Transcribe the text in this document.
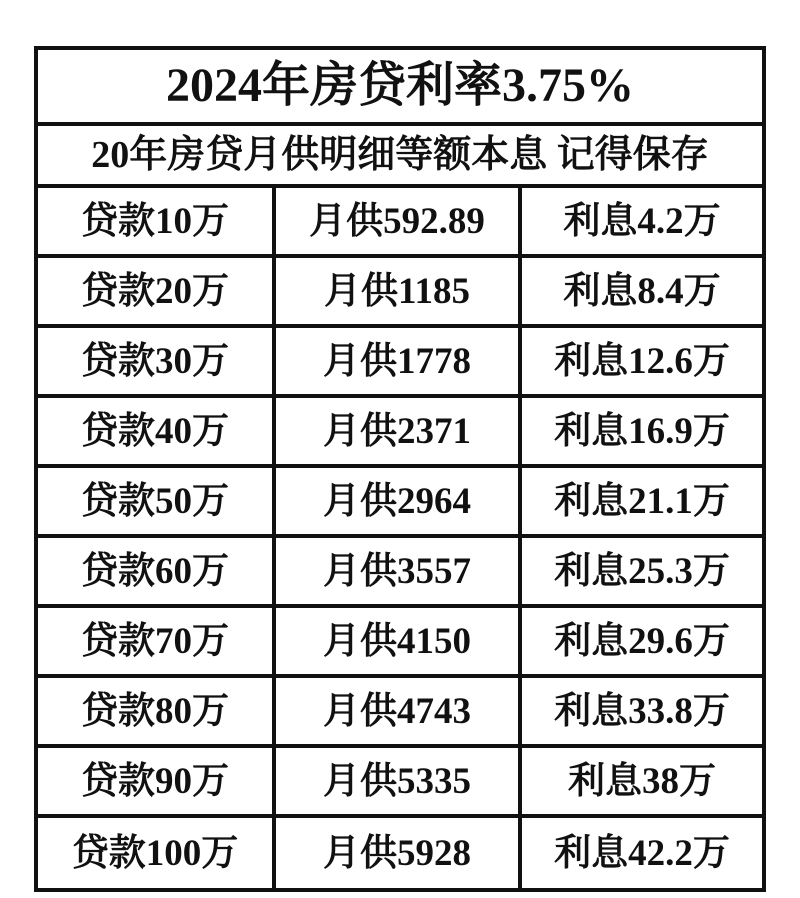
2024年房贷利率3.75%
20年房贷月供明细等额本息 记得保存
贷款10万	月供592.89	利息4.2万
贷款20万	月供1185	利息8.4万
贷款30万	月供1778	利息12.6万
贷款40万	月供2371	利息16.9万
贷款50万	月供2964	利息21.1万
贷款60万	月供3557	利息25.3万
贷款70万	月供4150	利息29.6万
贷款80万	月供4743	利息33.8万
贷款90万	月供5335	利息38万
贷款100万	月供5928	利息42.2万
